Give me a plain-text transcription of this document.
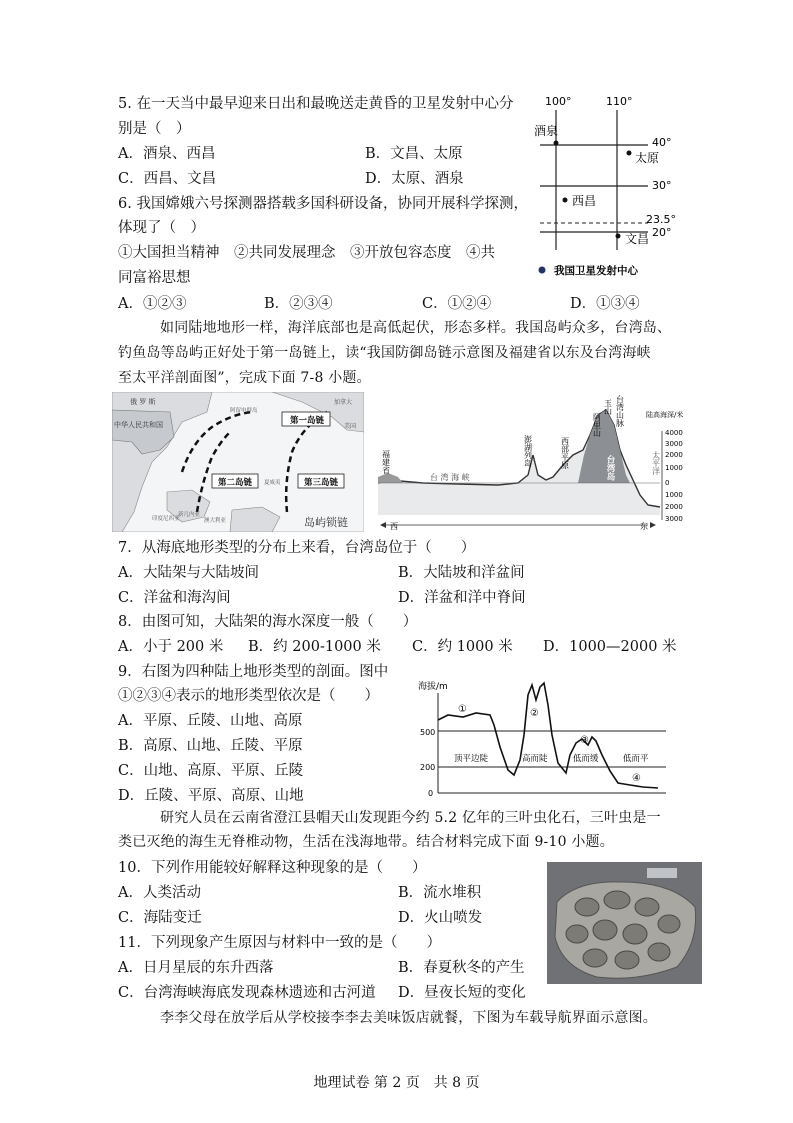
5. 在一天当中最早迎来日出和最晚送走黄昏的卫星发射中心分
别是（　）
A．酒泉、西昌	B．文昌、太原
C．西昌、文昌	D．太原、酒泉
6. 我国嫦娥六号探测器搭载多国科研设备，协同开展科学探测，
体现了（　）
①大国担当精神　②共同发展理念　③开放包容态度　④共
同富裕思想
A．①②③	B．②③④	C．①②④	D．①③④
100°	110°
40°
30°
23.5°
20°
酒泉
太原
西昌
文昌
我国卫星发射中心
如同陆地地形一样，海洋底部也是高低起伏，形态多样。我国岛屿众多，台湾岛、
钓鱼岛等岛屿正好处于第一岛链上，读“我国防御岛链示意图及福建省以东及台湾海峡
至太平洋剖面图”，完成下面 7-8 小题。
俄 罗 斯
中华人民共和国
阿留申群岛
加拿大
美国
第一岛链
第二岛链	第三岛链
夏威夷
印度尼西亚
新几内亚
澳大利亚	岛屿锁链
福建省
台 湾 海 峡
澎湖列岛	西部平原
阿里山
玉山 台湾山脉
台湾岛	太平洋
陆高海深/米
4000
3000
2000
1000
0
1000
2000
3000
西	东
7．从海底地形类型的分布上来看，台湾岛位于（　　）
A．大陆架与大陆坡间	B．大陆坡和洋盆间
C．洋盆和海沟间	D．洋盆和洋中脊间
8．由图可知，大陆架的海水深度一般（　　）
A．小于 200 米 B．约 200-1000 米 C．约 1000 米 D．1000—2000 米
9．右图为四种陆上地形类型的剖面。图中
①②③④表示的地形类型依次是（　　）
A．平原、丘陵、山地、高原
B．高原、山地、丘陵、平原
C．山地、高原、平原、丘陵
D．丘陵、平原、高原、山地
海拔/m
500
200
0
①	②
③
④
顶平边陡	高而陡	低而缓	低而平
研究人员在云南省澄江县帽天山发现距今约 5.2 亿年的三叶虫化石，三叶虫是一
类已灭绝的海生无脊椎动物，生活在浅海地带。结合材料完成下面 9-10 小题。
10．下列作用能较好解释这种现象的是（　　）
A．人类活动	B．流水堆积
C．海陆变迁	D．火山喷发
11．下列现象产生原因与材料中一致的是（　　）
A．日月星辰的东升西落	B．春夏秋冬的产生
C．台湾海峡海底发现森林遗迹和古河道 D．昼夜长短的变化
李李父母在放学后从学校接李李去美味饭店就餐，下图为车载导航界面示意图。
地理试卷 第 2 页　共 8 页
